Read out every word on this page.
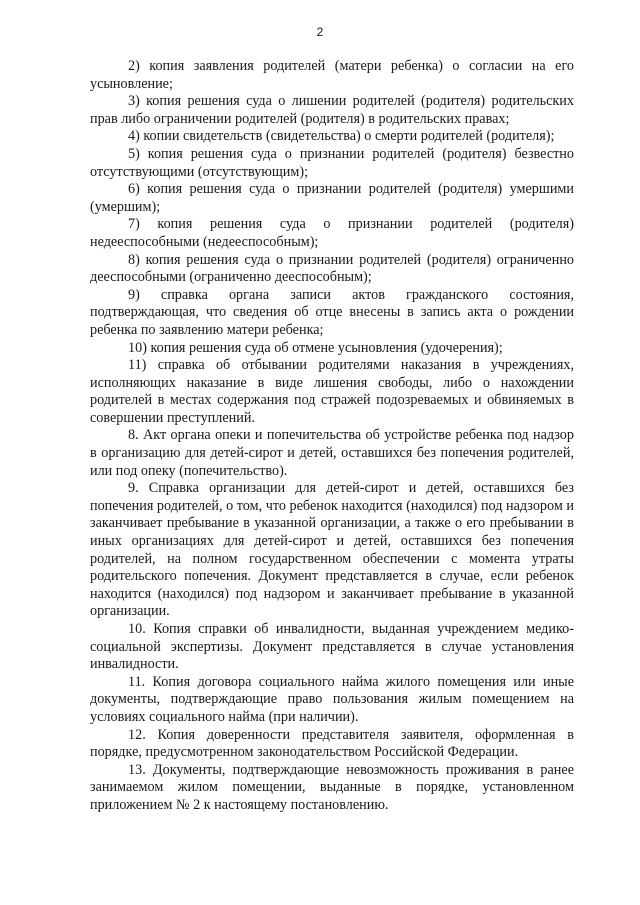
2

2) копия заявления родителей (матери ребенка) о согласии на его усыновление;

3) копия решения суда о лишении родителей (родителя) родительских прав либо ограничении родителей (родителя) в родительских правах;

4) копии свидетельств (свидетельства) о смерти родителей (родителя);

5) копия решения суда о признании родителей (родителя) безвестно отсутствующими (отсутствующим);

6) копия решения суда о признании родителей (родителя) умершими (умершим);

7) копия решения суда о признании родителей (родителя) недееспособными (недееспособным);

8) копия решения суда о признании родителей (родителя) ограниченно дееспособными (ограниченно дееспособным);

9) справка органа записи актов гражданского состояния, подтверждающая, что сведения об отце внесены в запись акта о рождении ребенка по заявлению матери ребенка;

10) копия решения суда об отмене усыновления (удочерения);

11) справка об отбывании родителями наказания в учреждениях, исполняющих наказание в виде лишения свободы, либо о нахождении родителей в местах содержания под стражей подозреваемых и обвиняемых в совершении преступлений.

8. Акт органа опеки и попечительства об устройстве ребенка под надзор в организацию для детей-сирот и детей, оставшихся без попечения родителей, или под опеку (попечительство).

9. Справка организации для детей-сирот и детей, оставшихся без попечения родителей, о том, что ребенок находится (находился) под надзором и заканчивает пребывание в указанной организации, а также о его пребывании в иных организациях для детей-сирот и детей, оставшихся без попечения родителей, на полном государственном обеспечении с момента утраты родительского попечения. Документ представляется в случае, если ребенок находится (находился) под надзором и заканчивает пребывание в указанной организации.

10. Копия справки об инвалидности, выданная учреждением медико-социальной экспертизы. Документ представляется в случае установления инвалидности.

11. Копия договора социального найма жилого помещения или иные документы, подтверждающие право пользования жилым помещением на условиях социального найма (при наличии).

12. Копия доверенности представителя заявителя, оформленная в порядке, предусмотренном законодательством Российской Федерации.

13. Документы, подтверждающие невозможность проживания в ранее занимаемом жилом помещении, выданные в порядке, установленном приложением № 2 к настоящему постановлению.
